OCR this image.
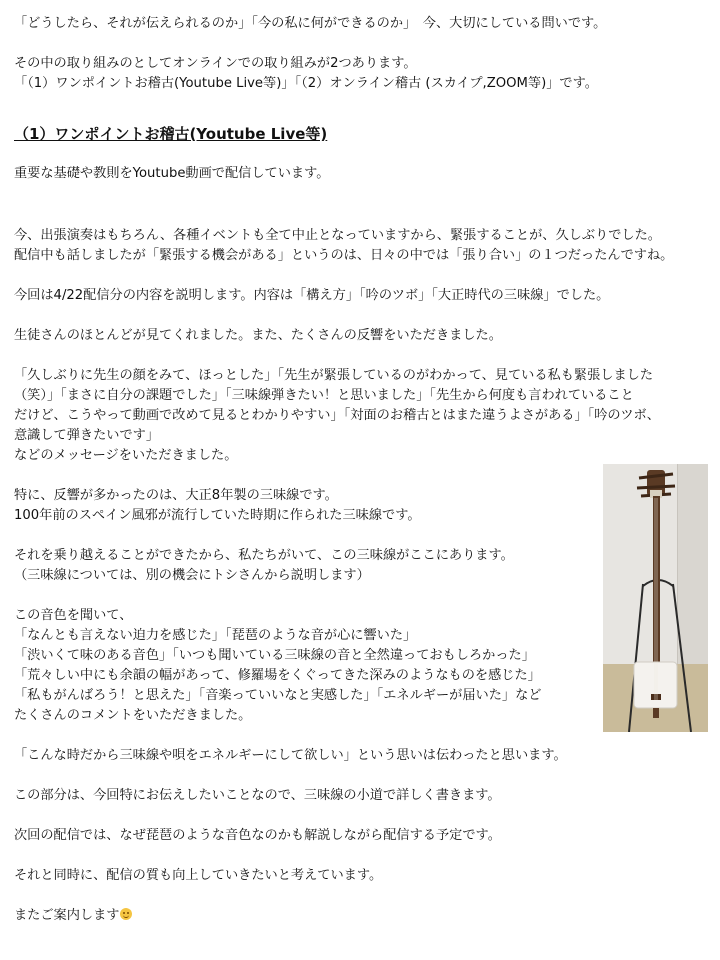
「どうしたら、それが伝えられるのか」「今の私に何ができるのか」　今、大切にしている問いです。
その中の取り組みのとしてオンラインでの取り組みが2つあります。
「（1）ワンポイントお稽古(Youtube Live等)」「（2）オンライン稽古 (スカイプ,ZOOM等)」です。
（1）ワンポイントお稽古(Youtube Live等)
重要な基礎や教則をYoutube動画で配信しています。
今、出張演奏はもちろん、各種イベントも全て中止となっていますから、緊張することが、久しぶりでした。
配信中も話しましたが「緊張する機会がある」というのは、日々の中では「張り合い」の１つだったんですね。
今回は4/22配信分の内容を説明します。内容は「構え方」「吟のツボ」「大正時代の三味線」でした。
生徒さんのほとんどが見てくれました。また、たくさんの反響をいただきました。
「久しぶりに先生の顔をみて、ほっとした」「先生が緊張しているのがわかって、見ている私も緊張しました
（笑）」「まさに自分の課題でした」「三味線弾きたい！と思いました」「先生から何度も言われていること
だけど、こうやって動画で改めて見るとわかりやすい」「対面のお稽古とはまた違うよさがある」「吟のツボ、
意識して弾きたいです」
などのメッセージをいただきました。
特に、反響が多かったのは、大正8年製の三味線です。
100年前のスペイン風邪が流行していた時期に作られた三味線です。
それを乗り越えることができたから、私たちがいて、この三味線がここにあります。
（三味線については、別の機会にトシさんから説明します）
この音色を聞いて、
「なんとも言えない迫力を感じた」「琵琶のような音が心に響いた」
「渋いくて味のある音色」「いつも聞いている三味線の音と全然違っておもしろかった」
「荒々しい中にも余韻の幅があって、修羅場をくぐってきた深みのようなものを感じた」
「私もがんばろう！と思えた」「音楽っていいなと実感した」「エネルギーが届いた」など
たくさんのコメントをいただきました。
「こんな時だから三味線や唄をエネルギーにして欲しい」という思いは伝わったと思います。
この部分は、今回特にお伝えしたいことなので、三味線の小道で詳しく書きます。
次回の配信では、なぜ琵琶のような音色なのかも解説しながら配信する予定です。
それと同時に、配信の質も向上していきたいと考えています。
またご案内します
